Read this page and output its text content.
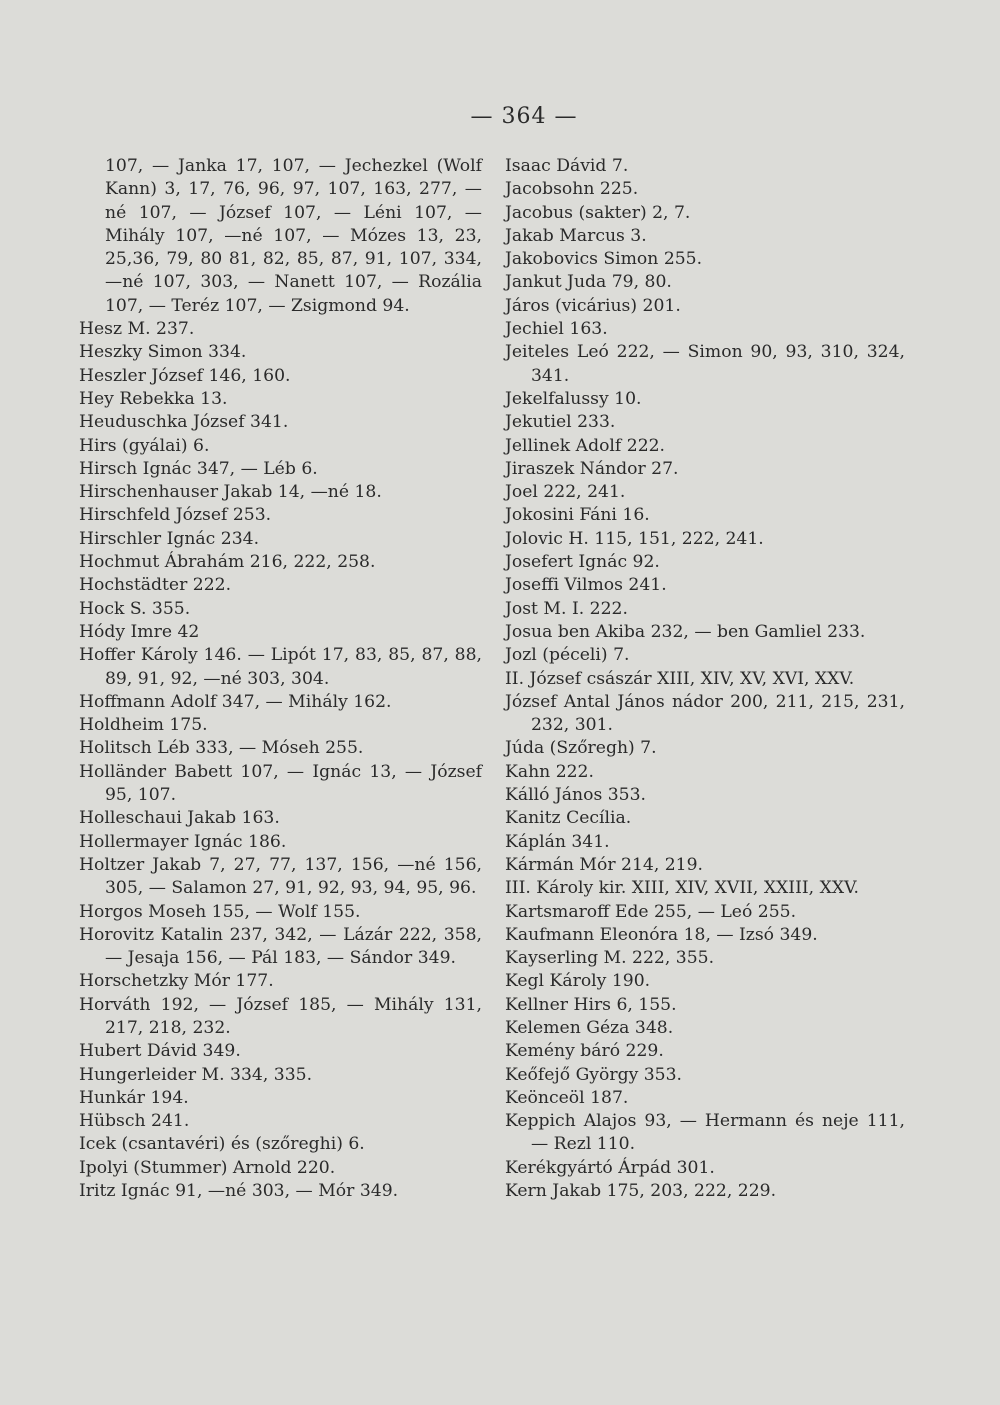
— 364 —
107, — Janka 17, 107, — Jechezkel (Wolf Kann) 3, 17, 76, 96, 97, 107, 163, 277, —né 107, — József 107, — Léni 107, — Mihály 107, —né 107, — Mózes 13, 23, 25,36, 79, 80 81, 82, 85, 87, 91, 107, 334, —né 107, 303, — Nanett 107, — Rozália 107, — Teréz 107, — Zsigmond 94.
Hesz M. 237.
Heszky Simon 334.
Heszler József 146, 160.
Hey Rebekka 13.
Heuduschka József 341.
Hirs (gyálai) 6.
Hirsch Ignác 347, — Léb 6.
Hirschenhauser Jakab 14, —né 18.
Hirschfeld József 253.
Hirschler Ignác 234.
Hochmut Ábrahám 216, 222, 258.
Hochstädter 222.
Hock S. 355.
Hódy Imre 42
Hoffer Károly 146. — Lipót 17, 83, 85, 87, 88, 89, 91, 92, —né 303, 304.
Hoffmann Adolf 347, — Mihály 162.
Holdheim 175.
Holitsch Léb 333, — Móseh 255.
Holländer Babett 107, — Ignác 13, — József 95, 107.
Holleschaui Jakab 163.
Hollermayer Ignác 186.
Holtzer Jakab 7, 27, 77, 137, 156, —né 156, 305, — Salamon 27, 91, 92, 93, 94, 95, 96.
Horgos Moseh 155, — Wolf 155.
Horovitz Katalin 237, 342, — Lázár 222, 358, — Jesaja 156, — Pál 183, — Sándor 349.
Horschetzky Mór 177.
Horváth 192, — József 185, — Mihály 131, 217, 218, 232.
Hubert Dávid 349.
Hungerleider M. 334, 335.
Hunkár 194.
Hübsch 241.
Icek (csantavéri) és (szőreghi) 6.
Ipolyi (Stummer) Arnold 220.
Iritz Ignác 91, —né 303, — Mór 349.
Isaac Dávid 7.
Jacobsohn 225.
Jacobus (sakter) 2, 7.
Jakab Marcus 3.
Jakobovics Simon 255.
Jankut Juda 79, 80.
Járos (vicárius) 201.
Jechiel 163.
Jeiteles Leó 222, — Simon 90, 93, 310, 324, 341.
Jekelfalussy 10.
Jekutiel 233.
Jellinek Adolf 222.
Jiraszek Nándor 27.
Joel 222, 241.
Jokosini Fáni 16.
Jolovic H. 115, 151, 222, 241.
Josefert Ignác 92.
Joseffi Vilmos 241.
Jost M. I. 222.
Josua ben Akiba 232, — ben Gamliel 233.
Jozl (péceli) 7.
II. József császár XIII, XIV, XV, XVI, XXV.
József Antal János nádor 200, 211, 215, 231, 232, 301.
Júda (Szőregh) 7.
Kahn 222.
Kálló János 353.
Kanitz Cecília.
Káplán 341.
Kármán Mór 214, 219.
III. Károly kir. XIII, XIV, XVII, XXIII, XXV.
Kartsmaroff Ede 255, — Leó 255.
Kaufmann Eleonóra 18, — Izsó 349.
Kayserling M. 222, 355.
Kegl Károly 190.
Kellner Hirs 6, 155.
Kelemen Géza 348.
Kemény báró 229.
Keőfejő György 353.
Keönceöl 187.
Keppich Alajos 93, — Hermann és neje 111, — Rezl 110.
Kerékgyártó Árpád 301.
Kern Jakab 175, 203, 222, 229.
